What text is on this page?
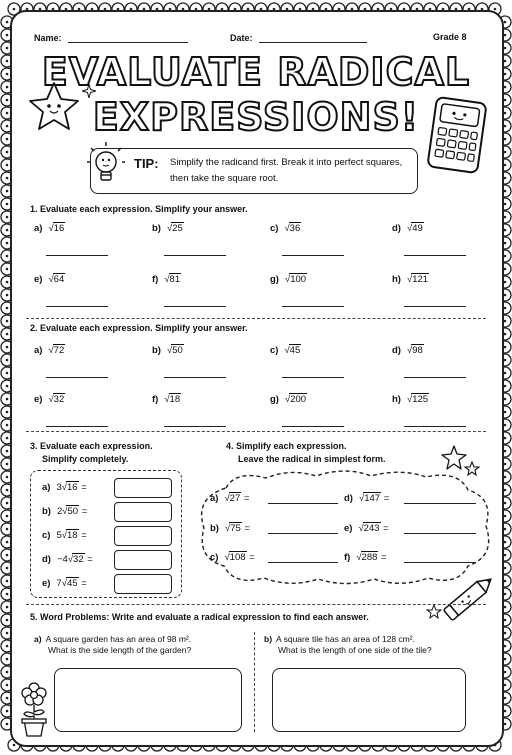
Name:	Date:	Grade 8
EVALUATE RADICAL
EXPRESSIONS!
TIP: Simplify the radicand first. Break it into perfect squares, then take the square root.
1. Evaluate each expression. Simplify your answer.
a) √16	b) √25	c) √36	d) √49
e) √64	f) √81	g) √100	h) √121
2. Evaluate each expression. Simplify your answer.
a) √72	b) √50	c) √45	d) √98
e) √32	f) √18	g) √200	h) √125
3. Evaluate each expression.
Simplify completely.
a) 3√16 =
b) 2√50 =
c) 5√18 =
d) −4√32 =
e) 7√45 =
4. Simplify each expression.
Leave the radical in simplest form.
a) √27 =	d) √147 =
b) √75 =	e) √243 =
c) √108 =	f) √288 =
5. Word Problems: Write and evaluate a radical expression to find each answer.
a) A square garden has an area of 98 m².
What is the side length of the garden?
b) A square tile has an area of 128 cm².
What is the length of one side of the tile?
